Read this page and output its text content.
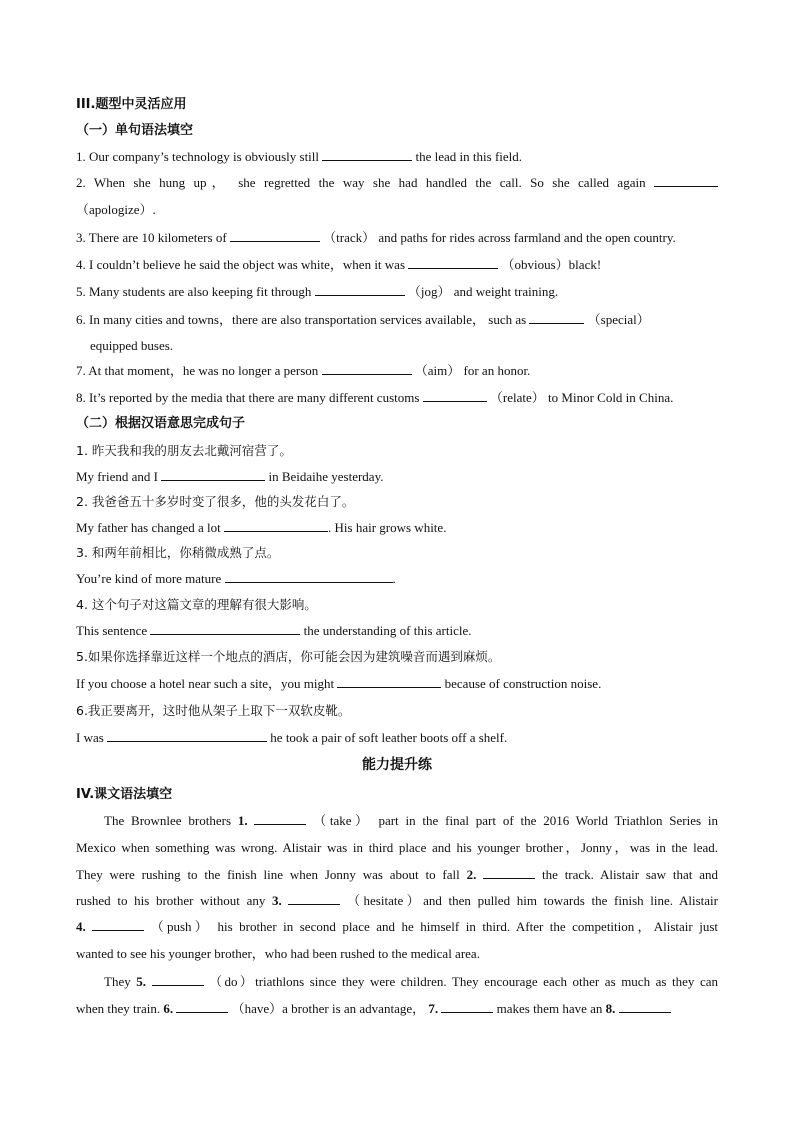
III.题型中灵活应用
（一）单句语法填空
1. Our company’s technology is obviously still	the lead in this field.
2. When she hung up， she regretted the way she had handled the call. So she called again
（apologize）.
3. There are 10 kilometers of	（track） and paths for rides across farmland and the open country.
4. I couldn’t believe he said the object was white，when it was	（obvious）black!
5. Many students are also keeping fit through	（jog） and weight training.
6. In many cities and towns，there are also transportation services available， such as	（special）
equipped buses.
7. At that moment，he was no longer a person	（aim） for an honor.
8. It’s reported by the media that there are many different customs	（relate） to Minor Cold in China.
（二）根据汉语意思完成句子
1. 昨天我和我的朋友去北戴河宿营了。
My friend and I	in Beidaihe yesterday.
2. 我爸爸五十多岁时变了很多，他的头发花白了。
My father has changed a lot	. His hair grows white.
3. 和两年前相比，你稍微成熟了点。
You’re kind of more mature	.
4. 这个句子对这篇文章的理解有很大影响。
This sentence	the understanding of this article.
5.如果你选择靠近这样一个地点的酒店，你可能会因为建筑噪音而遇到麻烦。
If you choose a hotel near such a site，you might	because of construction noise.
6.我正要离开，这时他从架子上取下一双软皮靴。
I was	he took a pair of soft leather boots off a shelf.
能力提升练
IV.课文语法填空
The Brownlee brothers 1.	（take） part in the final part of the 2016 World Triathlon Series in
Mexico when something was wrong. Alistair was in third place and his younger brother，Jonny，was in the lead.
They were rushing to the finish line when Jonny was about to fall 2.	the track. Alistair saw that and
rushed to his brother without any 3.	（hesitate）and then pulled him towards the finish line. Alistair
4.	（push） his brother in second place and he himself in third. After the competition，Alistair just
wanted to see his younger brother，who had been rushed to the medical area.
They 5.	（do）triathlons since they were children. They encourage each other as much as they can
when they train. 6.	（have）a brother is an advantage， 7.	makes them have an 8.
